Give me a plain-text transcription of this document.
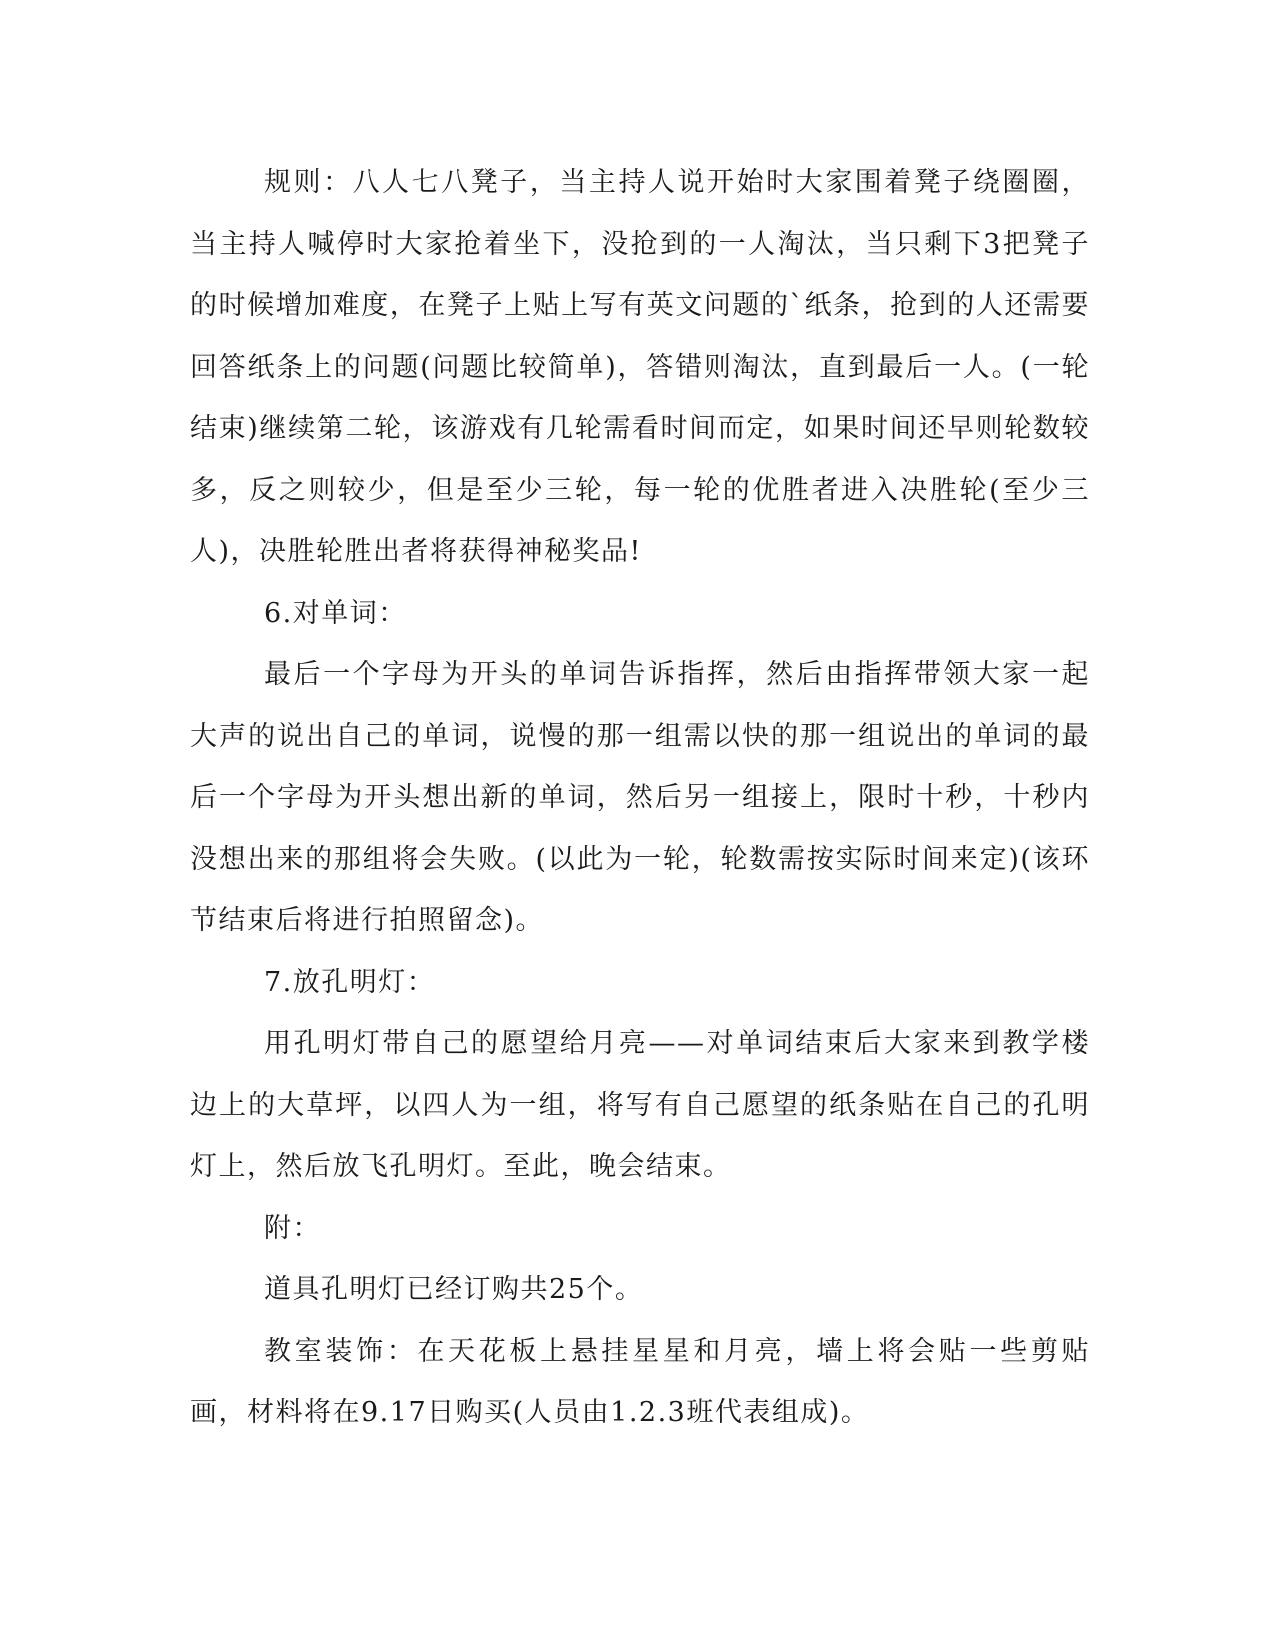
规则：八人七八凳子，当主持人说开始时大家围着凳子绕圈圈，当主持人喊停时大家抢着坐下，没抢到的一人淘汰，当只剩下3把凳子的时候增加难度，在凳子上贴上写有英文问题的`纸条，抢到的人还需要回答纸条上的问题(问题比较简单)，答错则淘汰，直到最后一人。(一轮结束)继续第二轮，该游戏有几轮需看时间而定，如果时间还早则轮数较多，反之则较少，但是至少三轮，每一轮的优胜者进入决胜轮(至少三人)，决胜轮胜出者将获得神秘奖品!

6.对单词：

最后一个字母为开头的单词告诉指挥，然后由指挥带领大家一起大声的说出自己的单词，说慢的那一组需以快的那一组说出的单词的最后一个字母为开头想出新的单词，然后另一组接上，限时十秒，十秒内没想出来的那组将会失败。(以此为一轮，轮数需按实际时间来定)(该环节结束后将进行拍照留念)。

7.放孔明灯：

用孔明灯带自己的愿望给月亮——对单词结束后大家来到教学楼边上的大草坪，以四人为一组，将写有自己愿望的纸条贴在自己的孔明灯上，然后放飞孔明灯。至此，晚会结束。

附：

道具孔明灯已经订购共25个。

教室装饰：在天花板上悬挂星星和月亮，墙上将会贴一些剪贴画，材料将在9.17日购买(人员由1.2.3班代表组成)。
